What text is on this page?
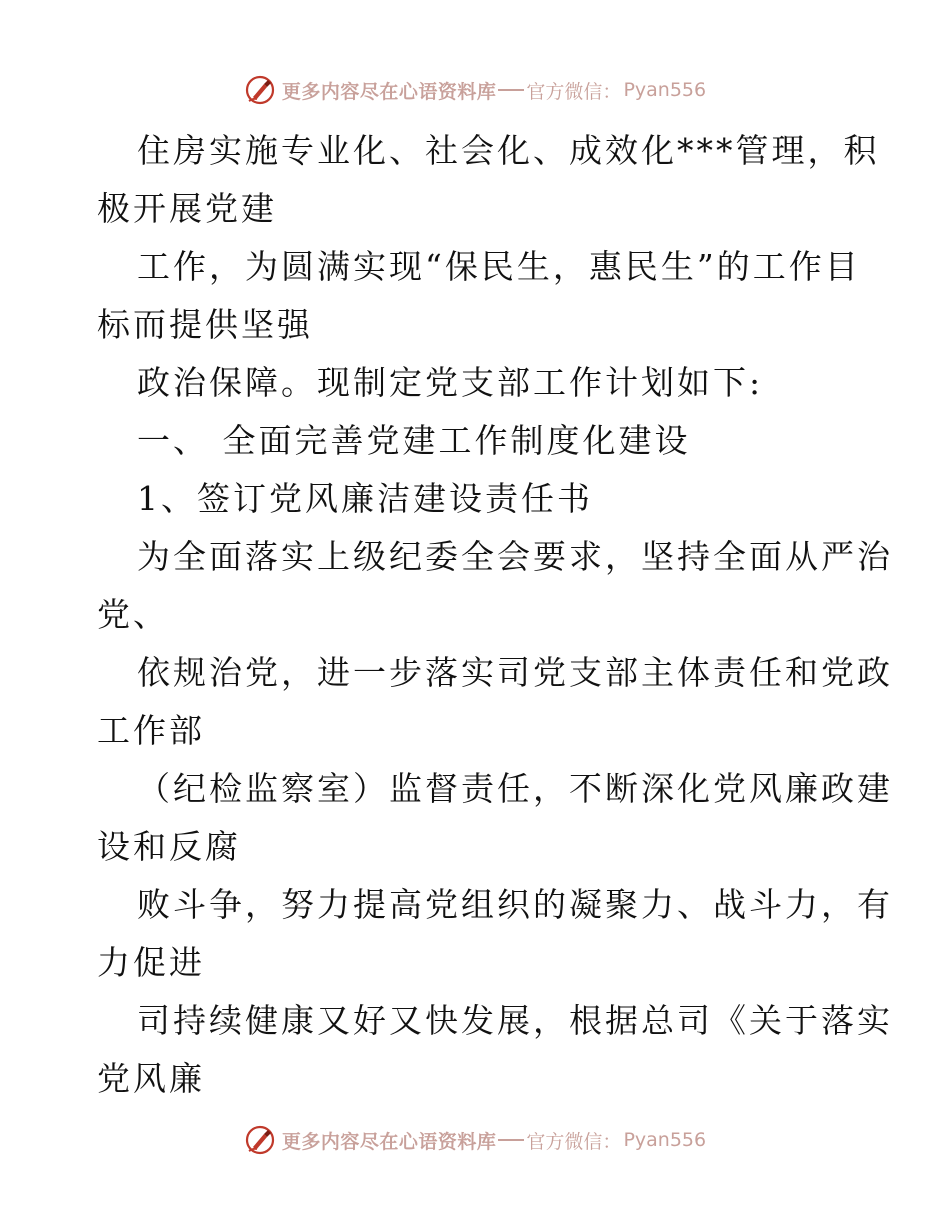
更多内容尽在心语资料库 官方微信： Pyan556
住房实施专业化、社会化、成效化***管理，积
极开展党建
工作，为圆满实现“保民生，惠民生”的工作目
标而提供坚强
政治保障。现制定党支部工作计划如下:
一、 全面完善党建工作制度化建设
1、签订党风廉洁建设责任书
为全面落实上级纪委全会要求，坚持全面从严治
党、
依规治党，进一步落实司党支部主体责任和党政
工作部
（纪检监察室）监督责任，不断深化党风廉政建
设和反腐
败斗争，努力提高党组织的凝聚力、战斗力，有
力促进
司持续健康又好又快发展，根据总司《关于落实
党风廉
更多内容尽在心语资料库 官方微信： Pyan556
